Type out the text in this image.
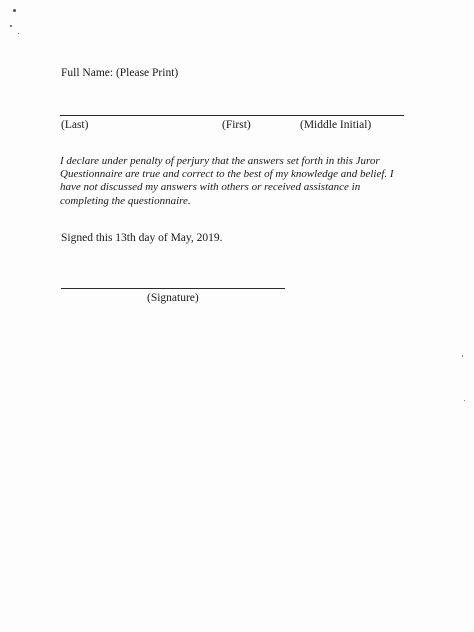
Full Name: (Please Print)
(Last)	(First)	(Middle Initial)
I declare under penalty of perjury that the answers set forth in this Juror Questionnaire are true and correct to the best of my knowledge and belief. I have not discussed my answers with others or received assistance in completing the questionnaire.
Signed this 13th day of May, 2019.
(Signature)
